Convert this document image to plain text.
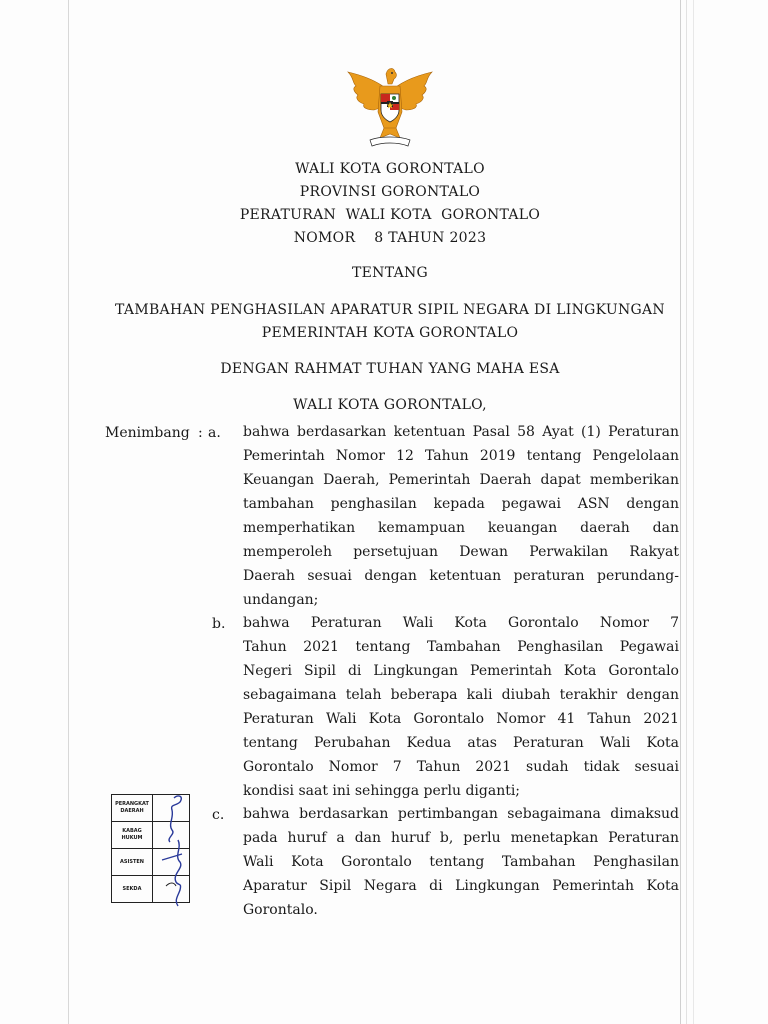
WALI KOTA GORONTALO
PROVINSI GORONTALO
PERATURAN  WALI KOTA  GORONTALO
NOMOR    8 TAHUN 2023
TENTANG
TAMBAHAN PENGHASILAN APARATUR SIPIL NEGARA DI LINGKUNGAN
PEMERINTAH KOTA GORONTALO
DENGAN RAHMAT TUHAN YANG MAHA ESA
WALI KOTA GORONTALO,
Menimbang : a. bahwa berdasarkan ketentuan Pasal 58 Ayat (1) Peraturan
Pemerintah Nomor 12 Tahun 2019 tentang Pengelolaan
Keuangan Daerah, Pemerintah Daerah dapat memberikan
tambahan penghasilan kepada pegawai ASN dengan
memperhatikan kemampuan keuangan daerah dan
memperoleh persetujuan Dewan Perwakilan Rakyat
Daerah sesuai dengan ketentuan peraturan perundang-
undangan;
b. bahwa Peraturan Wali Kota Gorontalo Nomor 7
Tahun 2021 tentang Tambahan Penghasilan Pegawai
Negeri Sipil di Lingkungan Pemerintah Kota Gorontalo
sebagaimana telah beberapa kali diubah terakhir dengan
Peraturan Wali Kota Gorontalo Nomor 41 Tahun 2021
tentang Perubahan Kedua atas Peraturan Wali Kota
Gorontalo Nomor 7 Tahun 2021 sudah tidak sesuai
kondisi saat ini sehingga perlu diganti;
c. bahwa berdasarkan pertimbangan sebagaimana dimaksud
pada huruf a dan huruf b, perlu menetapkan Peraturan
Wali Kota Gorontalo tentang Tambahan Penghasilan
Aparatur Sipil Negara di Lingkungan Pemerintah Kota
Gorontalo.
PERANGKAT DAERAH	
KABAG HUKUM	
ASISTEN	
SEKDA	
